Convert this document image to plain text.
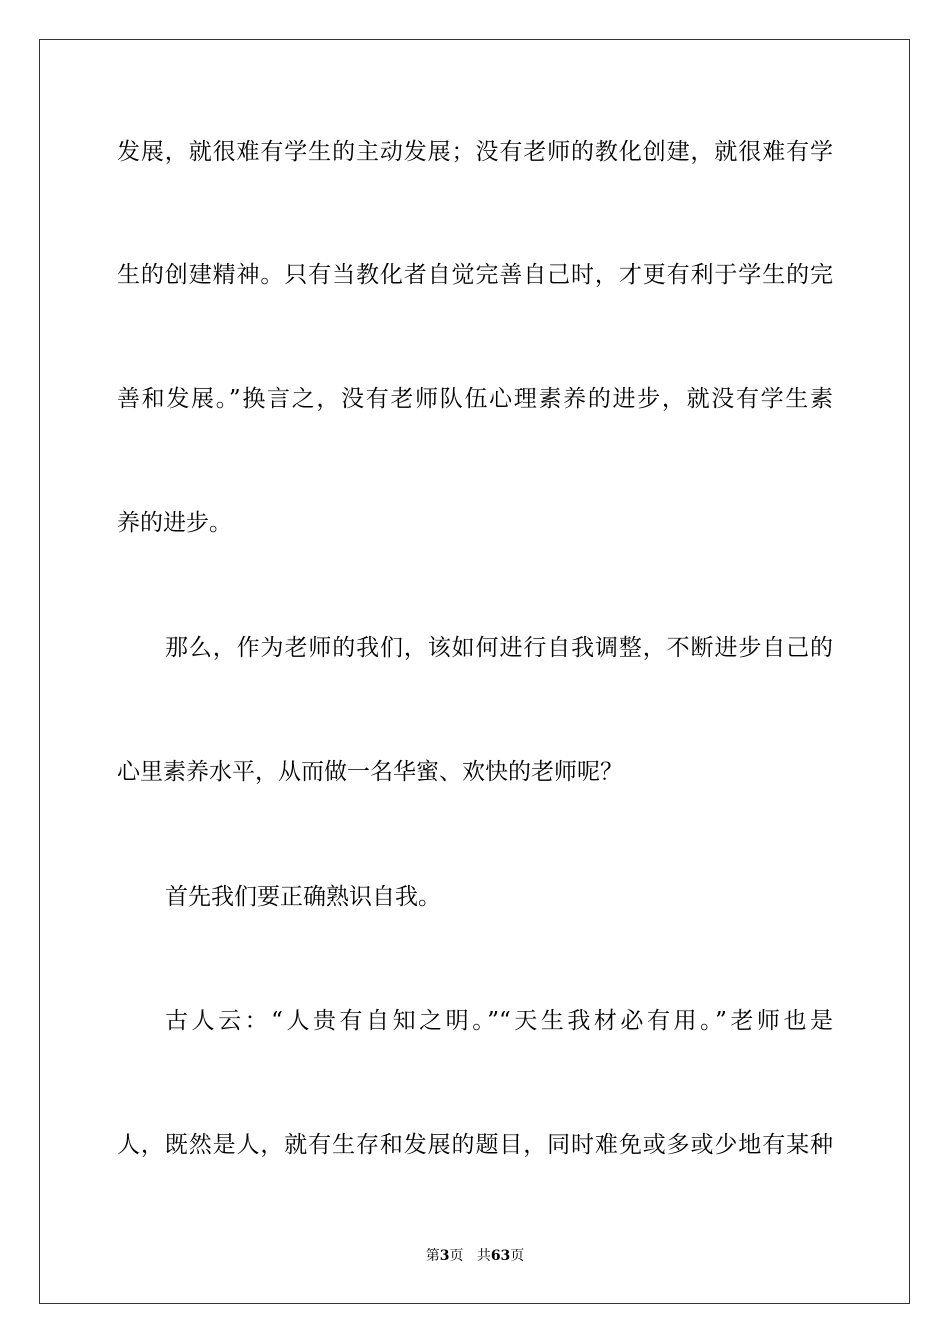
发展，就很难有学生的主动发展；没有老师的教化创建，就很难有学
生的创建精神。只有当教化者自觉完善自己时，才更有利于学生的完
善和发展。”换言之，没有老师队伍心理素养的进步，就没有学生素
养的进步。
那么，作为老师的我们，该如何进行自我调整，不断进步自己的
心里素养水平，从而做一名华蜜、欢快的老师呢？
首先我们要正确熟识自我。
古人云：“人贵有自知之明。”“天生我材必有用。”老师也是
人，既然是人，就有生存和发展的题目，同时难免或多或少地有某种
第3页 共63页
